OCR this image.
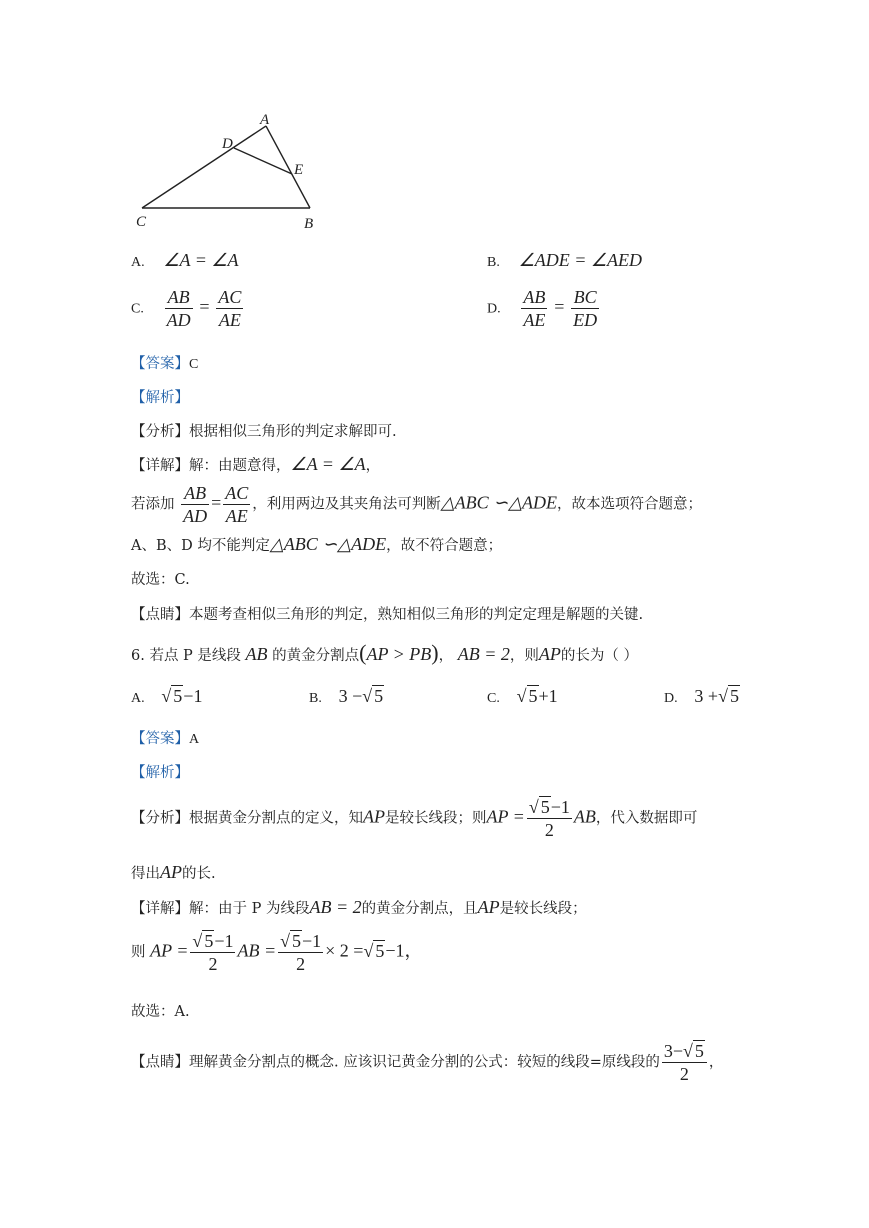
A
D
E
C	B
A. ∠A = ∠A	B. ∠ADE = ∠AED
C. $\frac{AB}{AD} = \frac{AC}{AE}$	D. $\frac{AB}{AE} = \frac{BC}{ED}$
【答案】C
【解析】
【分析】根据相似三角形的判定求解即可.
【详解】解：由题意得，∠A = ∠A，
若添加 $\frac{AB}{AD} = \frac{AC}{AE}$ ，利用两边及其夹角法可判断△ABC ∽△ADE，故本选项符合题意；
A、B、D 均不能判定△ABC ∽△ADE，故不符合题意；
故选：C.
【点睛】本题考查相似三角形的判定，熟知相似三角形的判定定理是解题的关键.
6. 若点 P 是线段 AB 的黄金分割点(AP > PB)， AB = 2，则AP的长为（ ）
A. √ 5−1	B. 3 −√ 5	C. √ 5+1	D. 3 +√ 5
【答案】A
【解析】
【分析】根据黄金分割点的定义，知AP是较长线段；则AP = $\frac{√ 5-1}{2}$ AB，代入数据即可
得出AP的长.
【详解】解：由于 P 为线段AB = 2的黄金分割点，且AP是较长线段；
则 AP = $\frac{√ 5-1}{2}$ AB = $\frac{√ 5-1}{2} \times 2$ =√ 5−1，
故选：A.
【点睛】理解黄金分割点的概念. 应该识记黄金分割的公式：较短的线段=原线段的 $\frac{3-√ 5}{2}$ ，
